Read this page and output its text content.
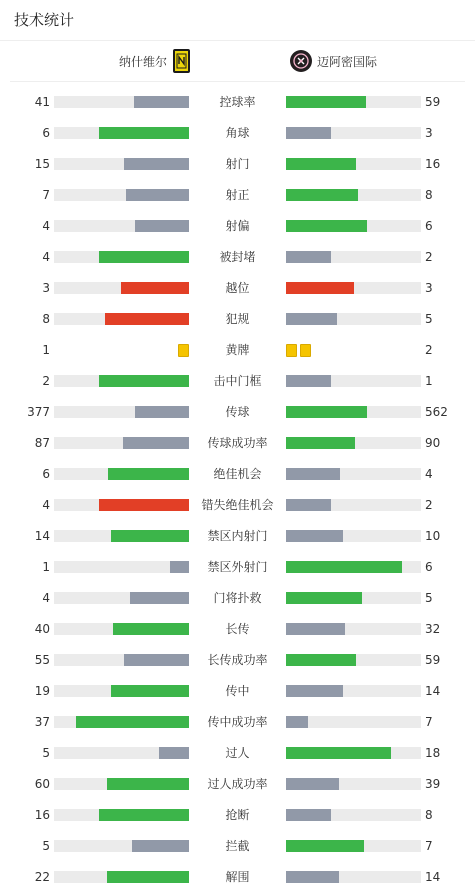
技术统计
纳什维尔	迈阿密国际
41	控球率	59
6	角球	3
15	射门	16
7	射正	8
4	射偏	6
4	被封堵	2
3	越位	3
8	犯规	5
1	黄牌	2
2	击中门框	1
377	传球	562
87	传球成功率	90
6	绝佳机会	4
4	错失绝佳机会	2
14	禁区内射门	10
1	禁区外射门	6
4	门将扑救	5
40	长传	32
55	长传成功率	59
19	传中	14
37	传中成功率	7
5	过人	18
60	过人成功率	39
16	抢断	8
5	拦截	7
22	解围	14
